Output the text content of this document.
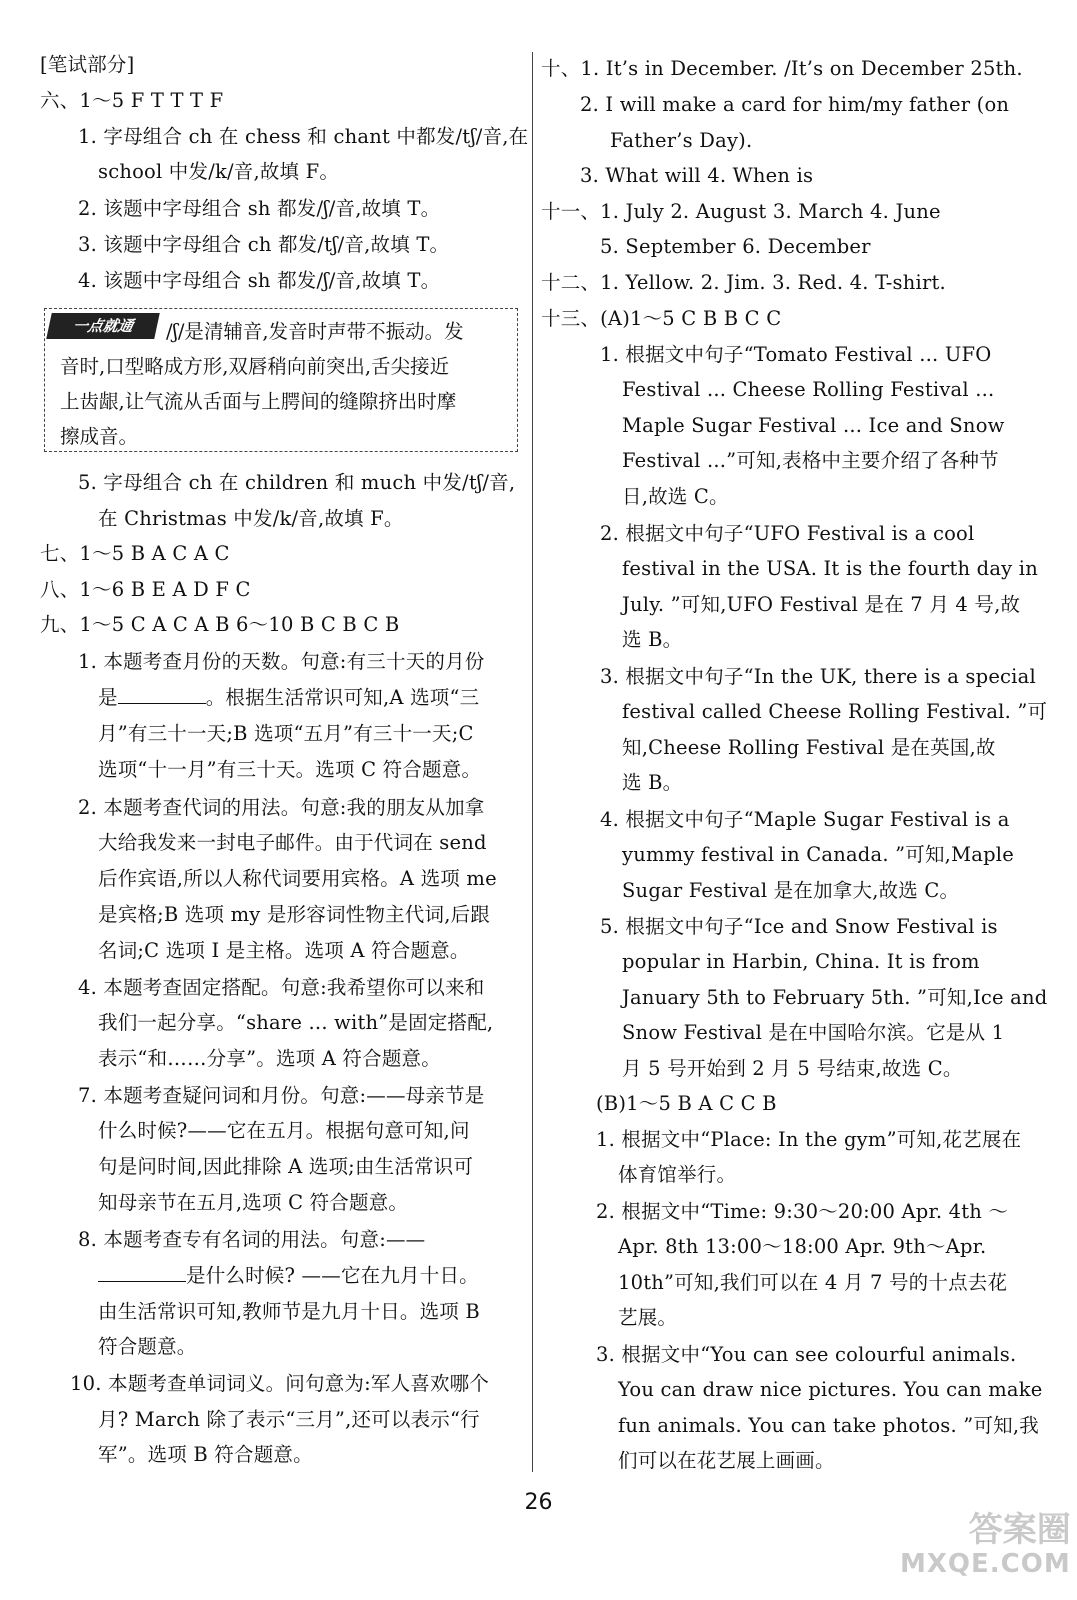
[笔试部分]
六、1～5 F T T T F
1. 字母组合 ch 在 chess 和 chant 中都发/tʃ/音,在
school 中发/k/音,故填 F。
2. 该题中字母组合 sh 都发/ʃ/音,故填 T。
3. 该题中字母组合 ch 都发/tʃ/音,故填 T。
4. 该题中字母组合 sh 都发/ʃ/音,故填 T。
5. 字母组合 ch 在 children 和 much 中发/tʃ/音,
在 Christmas 中发/k/音,故填 F。
七、1～5 B A C A C
八、1～6 B E A D F C
九、1～5 C A C A B 6～10 B C B C B
1. 本题考查月份的天数。句意:有三十天的月份
月”有三十一天;B 选项“五月”有三十一天;C
选项“十一月”有三十天。选项 C 符合题意。
2. 本题考查代词的用法。句意:我的朋友从加拿
大给我发来一封电子邮件。由于代词在 send
后作宾语,所以人称代词要用宾格。A 选项 me
是宾格;B 选项 my 是形容词性物主代词,后跟
名词;C 选项 I 是主格。选项 A 符合题意。
4. 本题考查固定搭配。句意:我希望你可以来和
我们一起分享。“share ... with”是固定搭配,
表示“和……分享”。选项 A 符合题意。
7. 本题考查疑问词和月份。句意:——母亲节是
什么时候?——它在五月。根据句意可知,问
句是问时间,因此排除 A 选项;由生活常识可
知母亲节在五月,选项 C 符合题意。
8. 本题考查专有名词的用法。句意:——
由生活常识可知,教师节是九月十日。选项 B
符合题意。
10. 本题考查单词词义。问句意为:军人喜欢哪个
月? March 除了表示“三月”,还可以表示“行
军”。选项 B 符合题意。
是	。根据生活常识可知,A 选项“三
是什么时候? ——它在九月十日。
一点就通	/ʃ/是清辅音,发音时声带不振动。发
音时,口型略成方形,双唇稍向前突出,舌尖接近
上齿龈,让气流从舌面与上腭间的缝隙挤出时摩
擦成音。
十、1. It’s in December. /It’s on December 25th.
2. I will make a card for him/my father (on
Father’s Day).
3. What will 4. When is
十一、1. July 2. August 3. March 4. June
5. September 6. December
十二、1. Yellow. 2. Jim. 3. Red. 4. T-shirt.
十三、(A)1～5 C B B C C
1. 根据文中句子“Tomato Festival ... UFO
Festival ... Cheese Rolling Festival ...
Maple Sugar Festival ... Ice and Snow
Festival ...”可知,表格中主要介绍了各种节
日,故选 C。
2. 根据文中句子“UFO Festival is a cool
festival in the USA. It is the fourth day in
July. ”可知,UFO Festival 是在 7 月 4 号,故
选 B。
3. 根据文中句子“In the UK, there is a special
festival called Cheese Rolling Festival. ”可
知,Cheese Rolling Festival 是在英国,故
选 B。
4. 根据文中句子“Maple Sugar Festival is a
yummy festival in Canada. ”可知,Maple
Sugar Festival 是在加拿大,故选 C。
5. 根据文中句子“Ice and Snow Festival is
popular in Harbin, China. It is from
January 5th to February 5th. ”可知,Ice and
Snow Festival 是在中国哈尔滨。它是从 1
月 5 号开始到 2 月 5 号结束,故选 C。
(B)1～5 B A C C B
1. 根据文中“Place: In the gym”可知,花艺展在
体育馆举行。
2. 根据文中“Time: 9:30～20:00 Apr. 4th ～
Apr. 8th 13:00～18:00 Apr. 9th～Apr.
10th”可知,我们可以在 4 月 7 号的十点去花
艺展。
3. 根据文中“You can see colourful animals.
You can draw nice pictures. You can make
fun animals. You can take photos. ”可知,我
们可以在花艺展上画画。
26
答案圈
MXQE.COM
